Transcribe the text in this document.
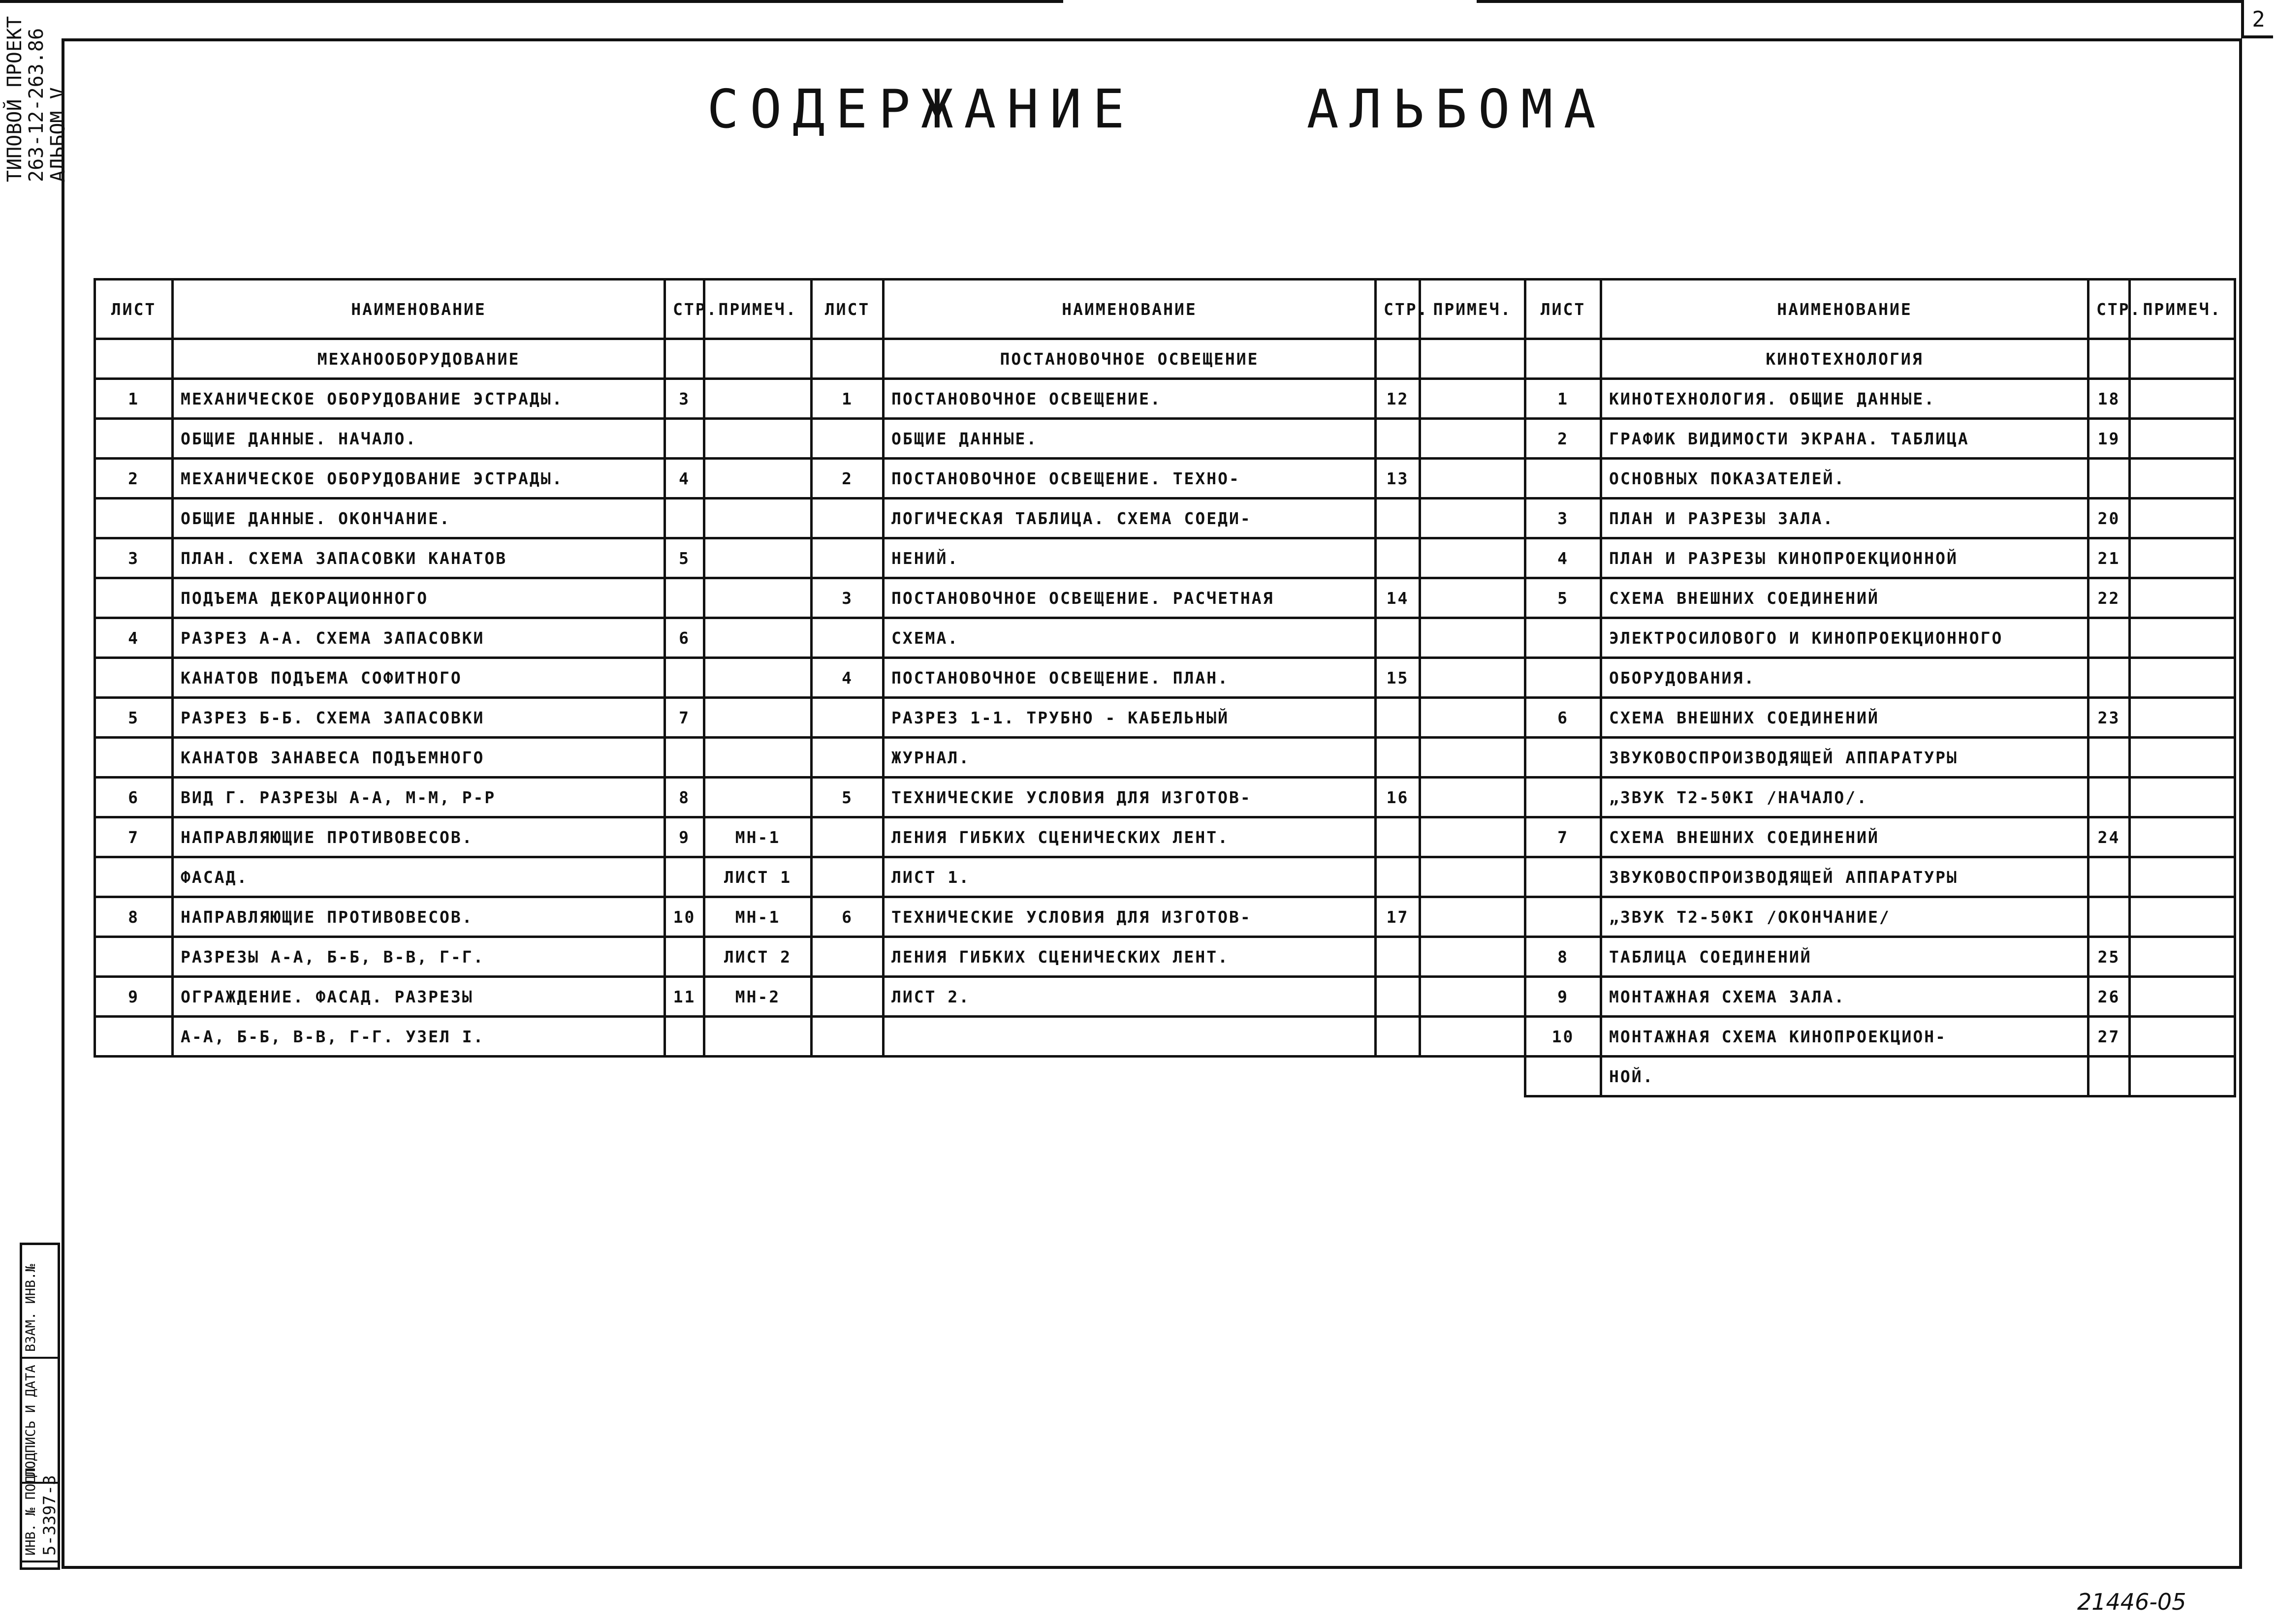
2
ТИПОВОЙ ПРОЕКТ
263-12-263.86
АЛЬБОМ V	СОДЕРЖАНИЕ    АЛЬБОМА
ЛИСТ	НАИМЕНОВАНИЕ	СТР.	ПРИМЕЧ.
	МЕХАНООБОРУДОВАНИЕ		
1	МЕХАНИЧЕСКОЕ ОБОРУДОВАНИЕ ЭСТРАДЫ.	3	
	ОБЩИЕ ДАННЫЕ. НАЧАЛО.		
2	МЕХАНИЧЕСКОЕ ОБОРУДОВАНИЕ ЭСТРАДЫ.	4	
	ОБЩИЕ ДАННЫЕ. ОКОНЧАНИЕ.		
3	ПЛАН. СХЕМА ЗАПАСОВКИ КАНАТОВ	5	
	ПОДЪЕМА ДЕКОРАЦИОННОГО		
4	РАЗРЕЗ А-А. СХЕМА ЗАПАСОВКИ	6	
	КАНАТОВ ПОДЪЕМА СОФИТНОГО		
5	РАЗРЕЗ Б-Б. СХЕМА ЗАПАСОВКИ	7	
	КАНАТОВ ЗАНАВЕСА ПОДЪЕМНОГО		
6	ВИД Г. РАЗРЕЗЫ А-А, М-М, Р-Р	8	
7	НАПРАВЛЯЮЩИЕ ПРОТИВОВЕСОВ.	9	МН-1
	ФАСАД.		ЛИСТ 1
8	НАПРАВЛЯЮЩИЕ ПРОТИВОВЕСОВ.	10	МН-1
	РАЗРЕЗЫ А-А, Б-Б, В-В, Г-Г.		ЛИСТ 2
9	ОГРАЖДЕНИЕ. ФАСАД. РАЗРЕЗЫ	11	МН-2
	А-А, Б-Б, В-В, Г-Г. УЗЕЛ I.		
ЛИСТ	НАИМЕНОВАНИЕ	СТР.	ПРИМЕЧ.
	ПОСТАНОВОЧНОЕ ОСВЕЩЕНИЕ		
1	ПОСТАНОВОЧНОЕ ОСВЕЩЕНИЕ.	12	
	ОБЩИЕ ДАННЫЕ.		
2	ПОСТАНОВОЧНОЕ ОСВЕЩЕНИЕ. ТЕХНО-	13	
	ЛОГИЧЕСКАЯ ТАБЛИЦА. СХЕМА СОЕДИ-		
	НЕНИЙ.		
3	ПОСТАНОВОЧНОЕ ОСВЕЩЕНИЕ. РАСЧЕТНАЯ	14	
	СХЕМА.		
4	ПОСТАНОВОЧНОЕ ОСВЕЩЕНИЕ. ПЛАН.	15	
	РАЗРЕЗ 1-1. ТРУБНО - КАБЕЛЬНЫЙ		
	ЖУРНАЛ.		
5	ТЕХНИЧЕСКИЕ УСЛОВИЯ ДЛЯ ИЗГОТОВ-	16	
	ЛЕНИЯ ГИБКИХ СЦЕНИЧЕСКИХ ЛЕНТ.		
	ЛИСТ 1.		
6	ТЕХНИЧЕСКИЕ УСЛОВИЯ ДЛЯ ИЗГОТОВ-	17	
	ЛЕНИЯ ГИБКИХ СЦЕНИЧЕСКИХ ЛЕНТ.		
	ЛИСТ 2.		

ЛИСТ	НАИМЕНОВАНИЕ	СТР.	ПРИМЕЧ.
	КИНОТЕХНОЛОГИЯ		
1	КИНОТЕХНОЛОГИЯ. ОБЩИЕ ДАННЫЕ.	18	
2	ГРАФИК ВИДИМОСТИ ЭКРАНА. ТАБЛИЦА	19	
	ОСНОВНЫХ ПОКАЗАТЕЛЕЙ.		
3	ПЛАН И РАЗРЕЗЫ ЗАЛА.	20	
4	ПЛАН И РАЗРЕЗЫ КИНОПРОЕКЦИОННОЙ	21	
5	СХЕМА ВНЕШНИХ СОЕДИНЕНИЙ	22	
	ЭЛЕКТРОСИЛОВОГО И КИНОПРОЕКЦИОННОГО		
	ОБОРУДОВАНИЯ.		
6	СХЕМА ВНЕШНИХ СОЕДИНЕНИЙ	23	
	ЗВУКОВОСПРОИЗВОДЯЩЕЙ АППАРАТУРЫ		
	„ЗВУК Т2-50КI /НАЧАЛО/.		
7	СХЕМА ВНЕШНИХ СОЕДИНЕНИЙ	24	
	ЗВУКОВОСПРОИЗВОДЯЩЕЙ АППАРАТУРЫ		
	„ЗВУК Т2-50КI /ОКОНЧАНИЕ/		
8	ТАБЛИЦА СОЕДИНЕНИЙ	25	
9	МОНТАЖНАЯ СХЕМА ЗАЛА.	26	
10	МОНТАЖНАЯ СХЕМА КИНОПРОЕКЦИОН-	27	
	НОЙ.		
ИНВ. № ПОДЛ. 5-3397-3
ПОДПИСЬ И ДАТА
ВЗАМ. ИНВ.№
21446-05
